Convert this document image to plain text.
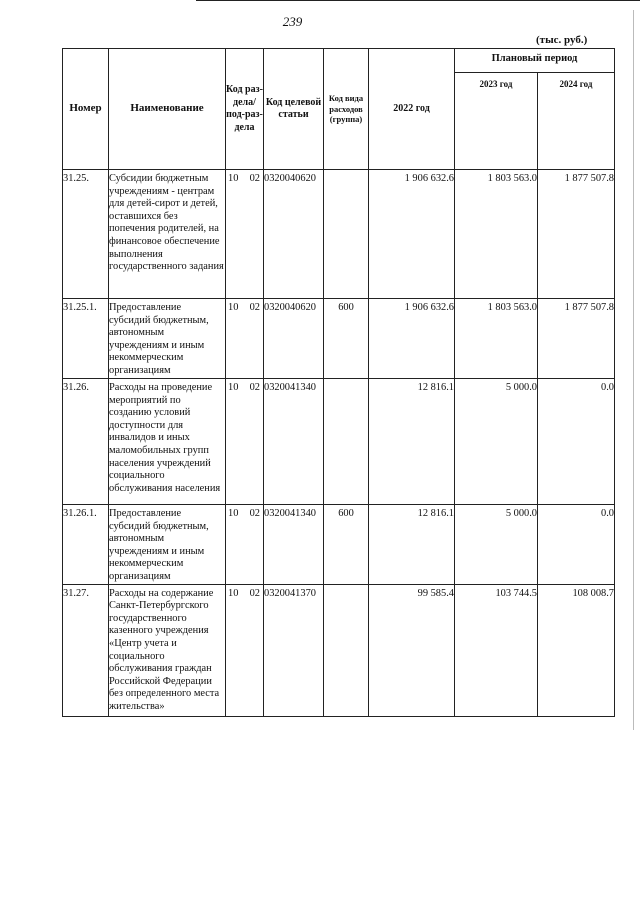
239
(тыс. руб.)
Номер	Наименование	Код раз-дела/ под-раз-дела	Код целевой статьи	Код вида расходов (группа)	2022 год	Плановый период	
						2023 год	2024 год
31.25.	Субсидии бюджетным учреждениям - центрам для детей-сирот и детей, оставшихся без попечения родителей, на финансовое обеспечение выполнения государственного задания	10 02	0320040620		1 906 632.6	1 803 563.0	1 877 507.8
31.25.1.	Предоставление субсидий бюджетным, автономным учреждениям и иным некоммерческим организациям	10 02	0320040620	600	1 906 632.6	1 803 563.0	1 877 507.8
31.26.	Расходы на проведение мероприятий по созданию условий доступности для инвалидов и иных маломобильных групп населения учреждений социального обслуживания населения	10 02	0320041340		12 816.1	5 000.0	0.0
31.26.1.	Предоставление субсидий бюджетным, автономным учреждениям и иным некоммерческим организациям	10 02	0320041340	600	12 816.1	5 000.0	0.0
31.27.	Расходы на содержание Санкт-Петербургского государственного казенного учреждения «Центр учета и социального обслуживания граждан Российской Федерации без определенного места жительства»	10 02	0320041370		99 585.4	103 744.5	108 008.7
